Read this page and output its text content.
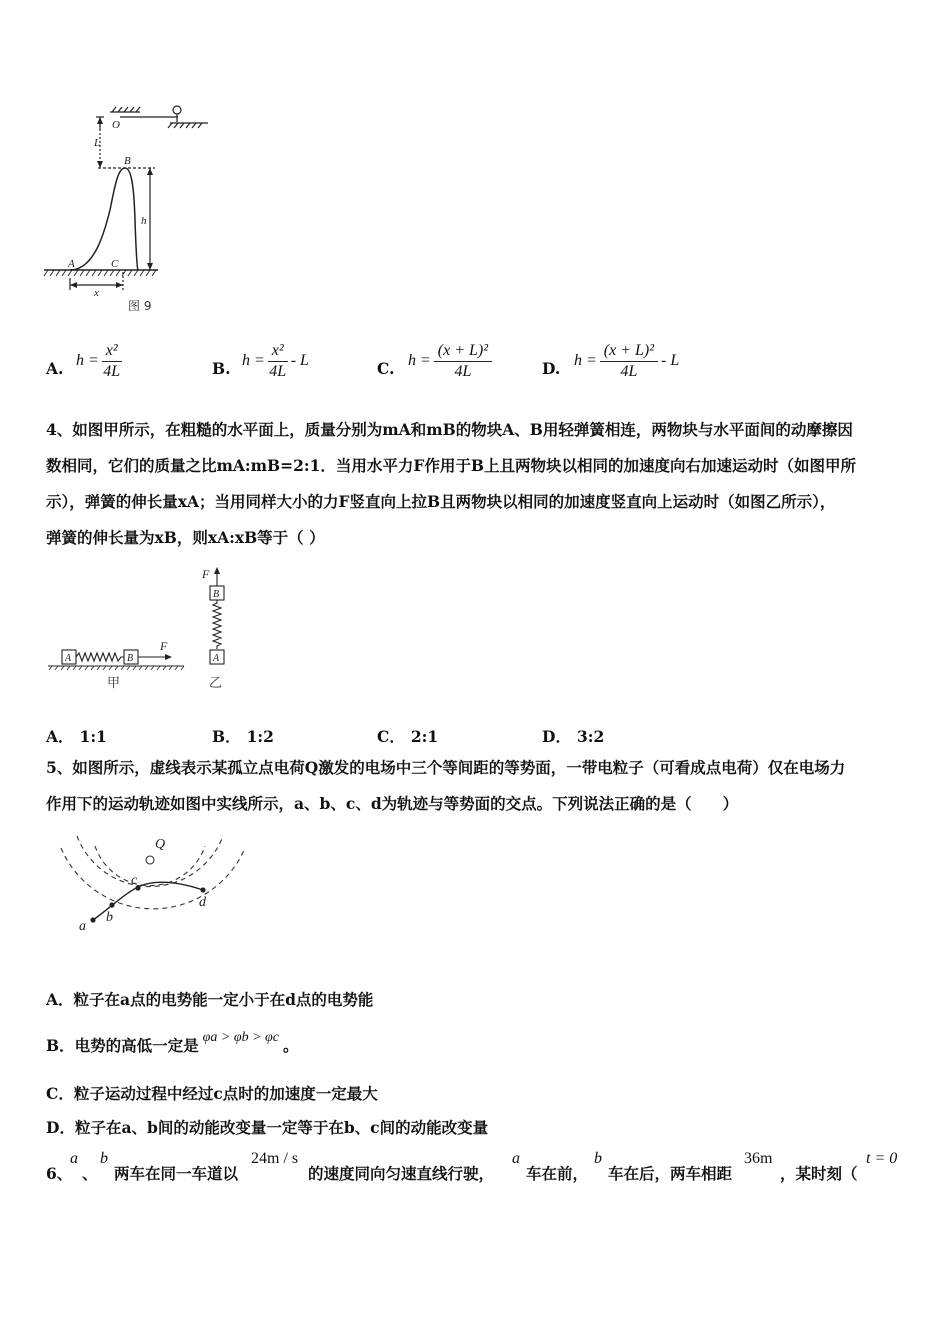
O
L
B
h
A	C
x
图 9
A. $h = \frac{\text{x²}}{4L}$	B. $h = \frac{\text{x²}}{4L} - L$	C. $h = \frac{\text{(x + L)²}}{4L}$	D. $h = \frac{\text{(x + L)²}}{4L} - L$
4、如图甲所示，在粗糙的水平面上，质量分别为mA和mB的物块A、B用轻弹簧相连，两物块与水平面间的动摩擦因
数相同，它们的质量之比mA:mB=2:1．当用水平力F作用于B上且两物块以相同的加速度向右加速运动时（如图甲所
示），弹簧的伸长量xA；当用同样大小的力F竖直向上拉B且两物块以相同的加速度竖直向上运动时（如图乙所示），
弹簧的伸长量为xB，则xA:xB等于（ ）
A	B	A
B
F
F
甲	乙
A． 1:1	B． 1:2	C． 2:1	D． 3:2
5、如图所示，虚线表示某孤立点电荷Q激发的电场中三个等间距的等势面，一带电粒子（可看成点电荷）仅在电场力
作用下的运动轨迹如图中实线所示，a、b、c、d为轨迹与等势面的交点。下列说法正确的是（　　）
Q
a
b
c
d
A．粒子在a点的电势能一定小于在d点的电势能
B．电势的高低一定是 φa > φb > φc 。
C．粒子运动过程中经过c点时的加速度一定最大
D．粒子在a、b间的动能改变量一定等于在b、c间的动能改变量
6、
a
、
b
两车在同一车道以
24m / s
的速度同向匀速直线行驶，
a
车在前，
b
车在后，两车相距
36m
，某时刻（
t = 0
